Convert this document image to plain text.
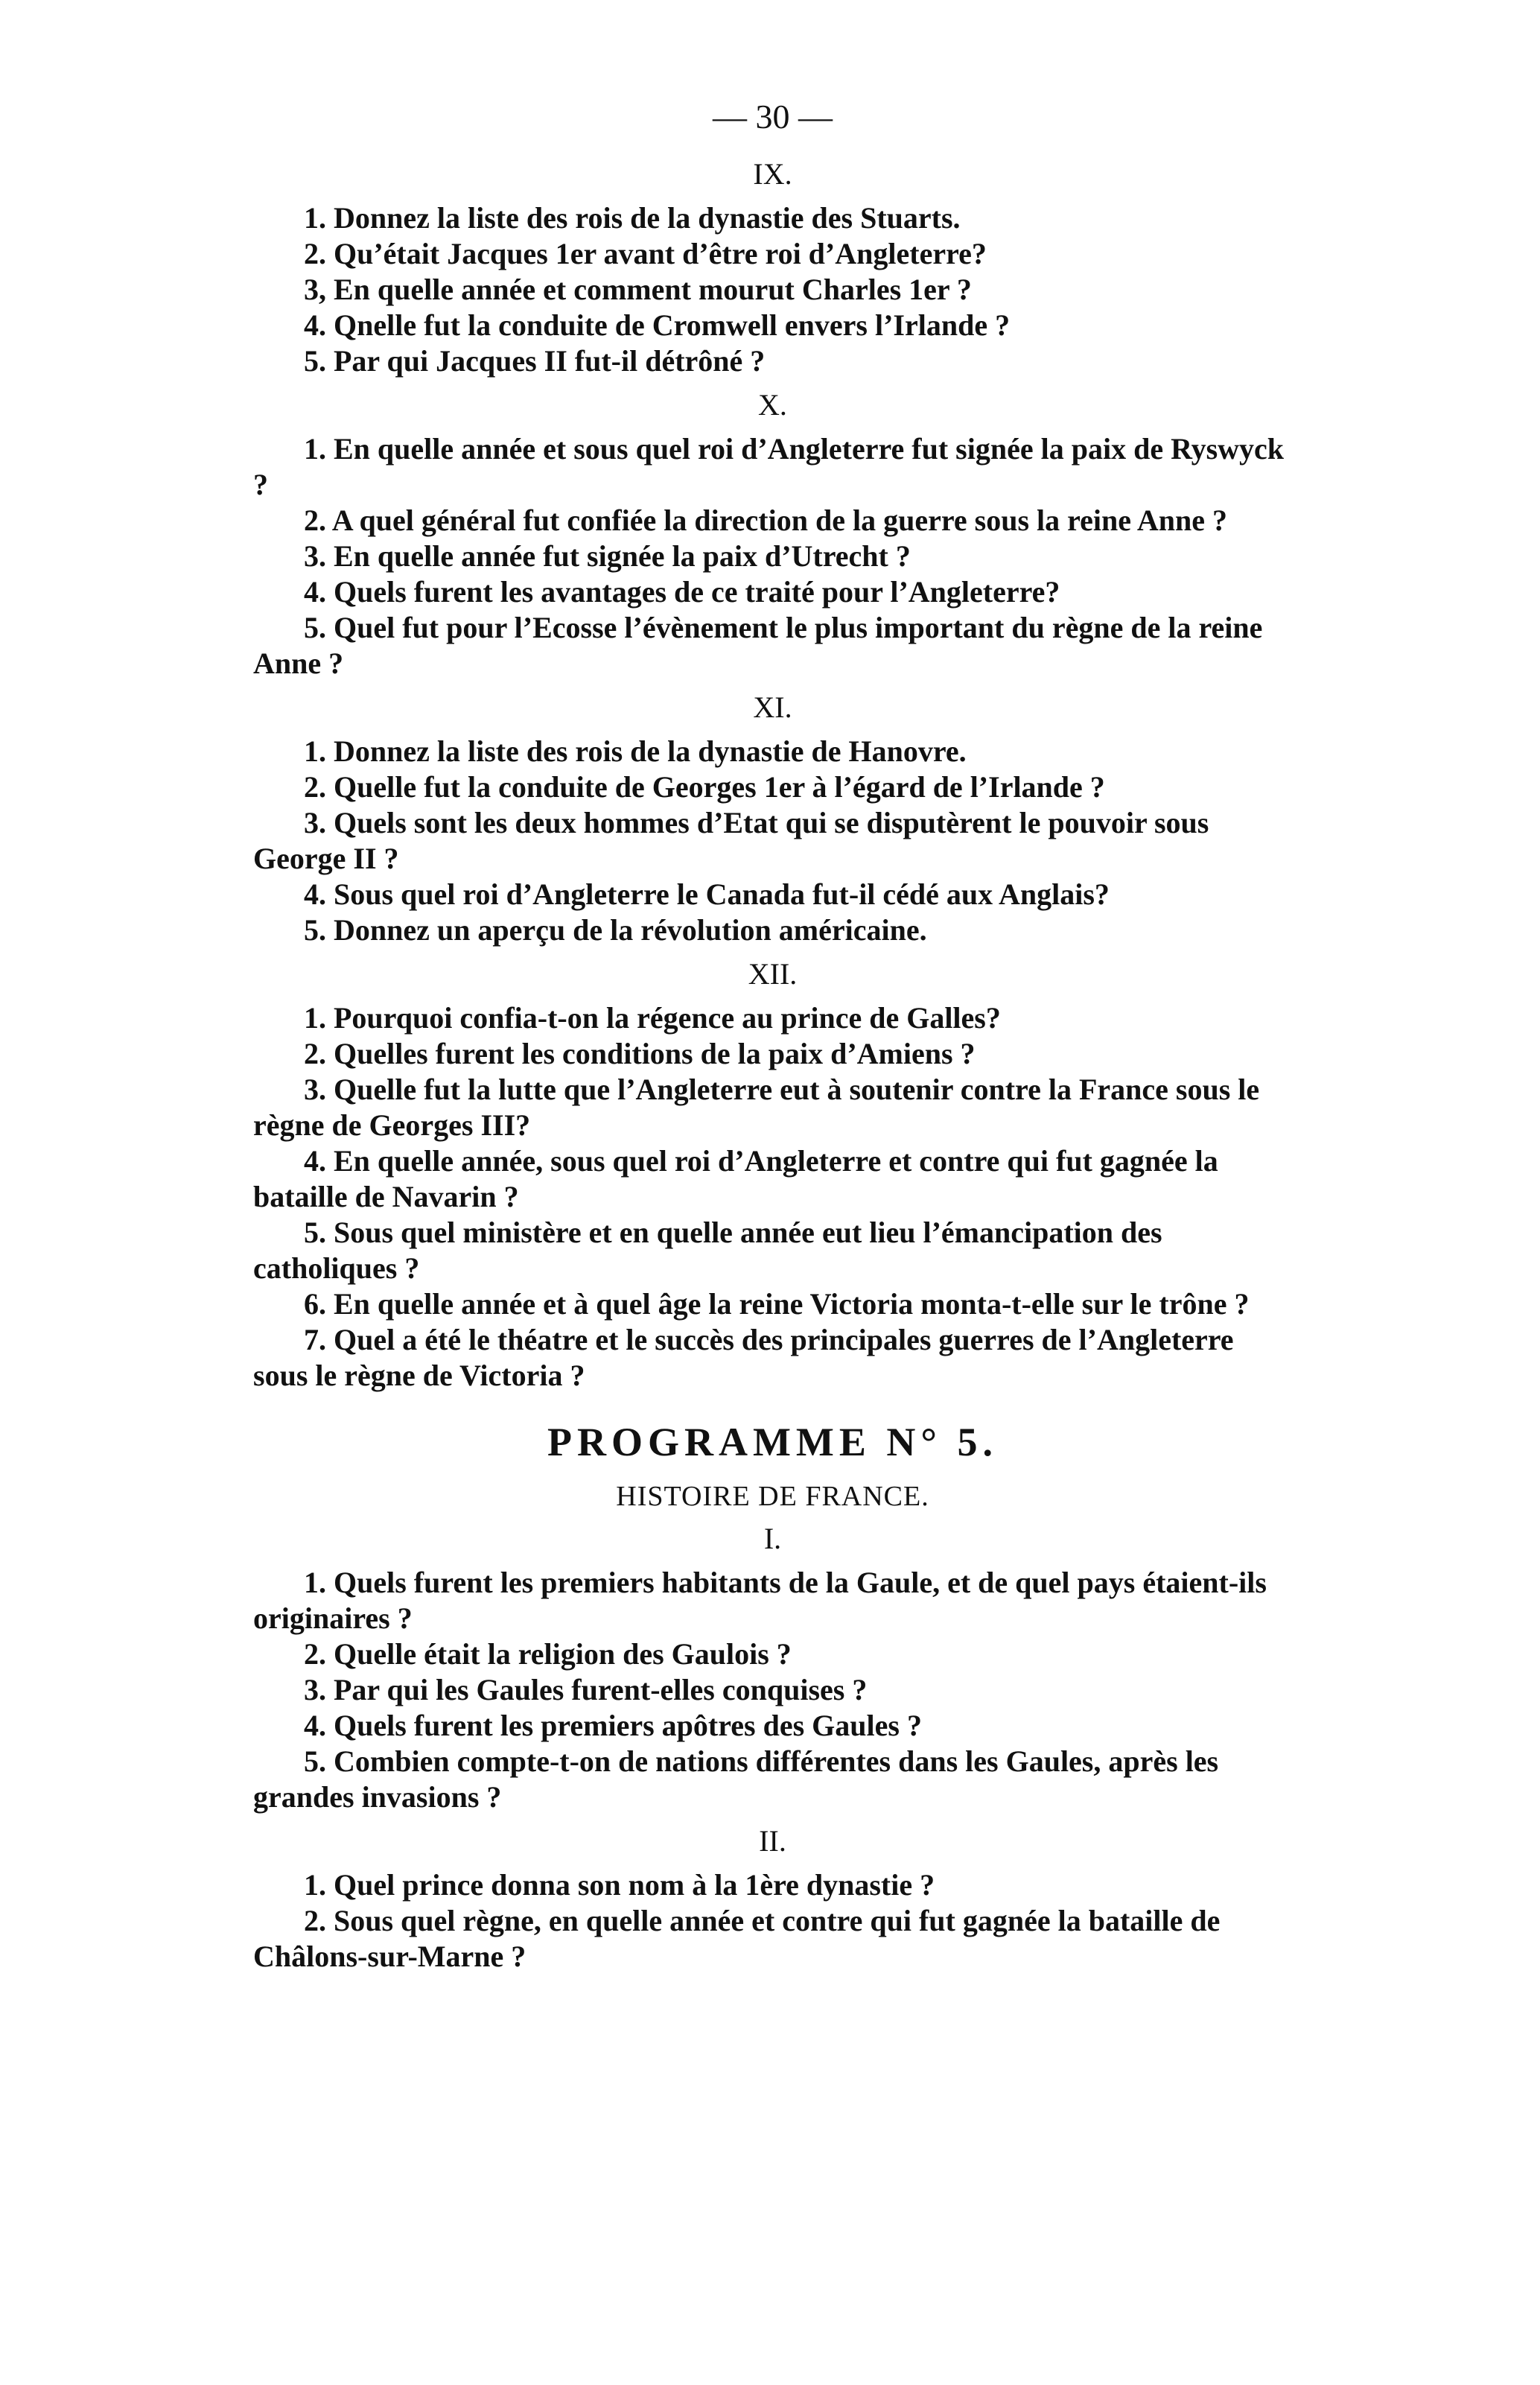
— 30 —
IX.

1. Donnez la liste des rois de la dynastie des Stuarts.

2. Qu’était Jacques 1er avant d’être roi d’Angleterre?

3, En quelle année et comment mourut Charles 1er ?

4. Qnelle fut la conduite de Cromwell envers l’Irlande ?

5. Par qui Jacques II fut-il détrôné ?

X.

1. En quelle année et sous quel roi d’Angleterre fut signée la paix de Ryswyck ?

2. A quel général fut confiée la direction de la guerre sous la reine Anne ?

3. En quelle année fut signée la paix d’Utrecht ?

4. Quels furent les avantages de ce traité pour l’Angleterre?

5. Quel fut pour l’Ecosse l’évènement le plus important du règne de la reine Anne ?

XI.

1. Donnez la liste des rois de la dynastie de Hanovre.

2. Quelle fut la conduite de Georges 1er à l’égard de l’Irlande ?

3. Quels sont les deux hommes d’Etat qui se disputèrent le pouvoir sous George II ?

4. Sous quel roi d’Angleterre le Canada fut-il cédé aux Anglais?

5. Donnez un aperçu de la révolution américaine.

XII.

1. Pourquoi confia-t-on la régence au prince de Galles?

2. Quelles furent les conditions de la paix d’Amiens ?

3. Quelle fut la lutte que l’Angleterre eut à soutenir contre la France sous le règne de Georges III?

4. En quelle année, sous quel roi d’Angleterre et contre qui fut gagnée la bataille de Navarin ?

5. Sous quel ministère et en quelle année eut lieu l’émancipation des catholiques ?

6. En quelle année et à quel âge la reine Victoria monta-t-elle sur le trône ?

7. Quel a été le théatre et le succès des principales guerres de l’Angleterre sous le règne de Victoria ?

PROGRAMME N° 5.
HISTOIRE DE FRANCE.
I.

1. Quels furent les premiers habitants de la Gaule, et de quel pays étaient-ils originaires ?

2. Quelle était la religion des Gaulois ?

3. Par qui les Gaules furent-elles conquises ?

4. Quels furent les premiers apôtres des Gaules ?

5. Combien compte-t-on de nations différentes dans les Gaules, après les grandes invasions ?

II.

1. Quel prince donna son nom à la 1ère dynastie ?

2. Sous quel règne, en quelle année et contre qui fut gagnée la bataille de Châlons-sur-Marne ?
